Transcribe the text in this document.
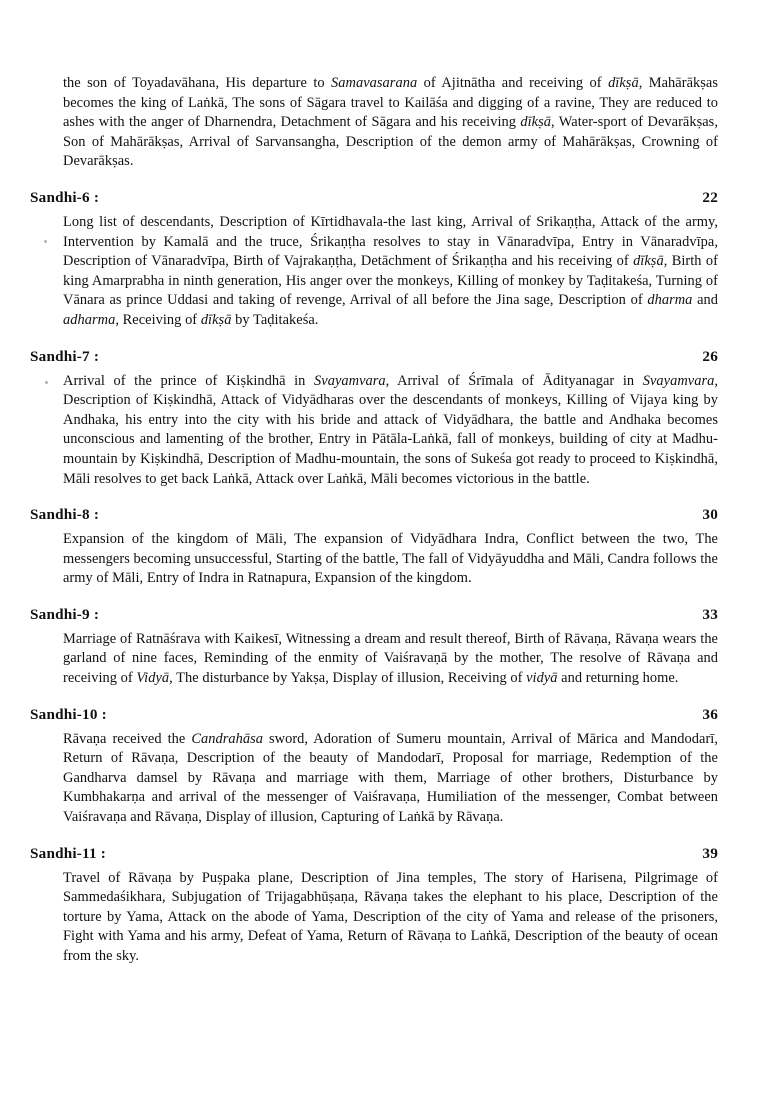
the son of Toyadavāhana, His departure to Samavasarana of Ajitnātha and receiving of dīkṣā, Mahārākṣas becomes the king of Laṅkā, The sons of Sāgara travel to Kailāśa and digging of a ravine, They are reduced to ashes with the anger of Dharnendra, Detachment of Sāgara and his receiving dīkṣā, Water-sport of Devarākṣas, Son of Mahārākṣas, Arrival of Sarvansangha, Description of the demon army of Mahārākṣas, Crowning of Devarākṣas.

Sandhi-6 :	22

Long list of descendants, Description of Kīrtidhavala-the last king, Arrival of Srikaṇṭha, Attack of the army, Intervention by Kamalā and the truce, Śrikaṇṭha resolves to stay in Vānaradvīpa, Entry in Vānaradvīpa, Description of Vānaradvīpa, Birth of Vajrakaṇṭha, Detāchment of Śrikaṇṭha and his receiving of dīkṣā, Birth of king Amarprabha in ninth generation, His anger over the monkeys, Killing of monkey by Taḍitakeśa, Turning of Vānara as prince Uddasi and taking of revenge, Arrival of all before the Jina sage, Description of dharma and adharma, Receiving of dīkṣā by Taḍitakeśa.

Sandhi-7 :	26

Arrival of the prince of Kiṣkindhā in Svayamvara, Arrival of Śrīmala of Ādityanagar in Svayamvara, Description of Kiṣkindhā, Attack of Vidyādharas over the descendants of monkeys, Killing of Vijaya king by Andhaka, his entry into the city with his bride and attack of Vidyādhara, the battle and Andhaka becomes unconscious and lamenting of the brother, Entry in Pātāla-Laṅkā, fall of monkeys, building of city at Madhu-mountain by Kiṣkindhā, Description of Madhu-mountain, the sons of Sukeśa got ready to proceed to Kiṣkindhā, Māli resolves to get back Laṅkā, Attack over Laṅkā, Māli becomes victorious in the battle.

Sandhi-8 :	30

Expansion of the kingdom of Māli, The expansion of Vidyādhara Indra, Conflict between the two, The messengers becoming unsuccessful, Starting of the battle, The fall of Vidyāyuddha and Māli, Candra follows the army of Māli, Entry of Indra in Ratnapura, Expansion of the kingdom.

Sandhi-9 :	33

Marriage of Ratnāśrava with Kaikesī, Witnessing a dream and result thereof, Birth of Rāvaṇa, Rāvaṇa wears the garland of nine faces, Reminding of the enmity of Vaiśravaṇā by the mother, The resolve of Rāvaṇa and receiving of Vidyā, The disturbance by Yakṣa, Display of illusion, Receiving of vidyā and returning home.

Sandhi-10 :	36

Rāvaṇa received the Candrahāsa sword, Adoration of Sumeru mountain, Arrival of Mārica and Mandodarī, Return of Rāvaṇa, Description of the beauty of Mandodarī, Proposal for marriage, Redemption of the Gandharva damsel by Rāvaṇa and marriage with them, Marriage of other brothers, Disturbance by Kumbhakarṇa and arrival of the messenger of Vaiśravaṇa, Humiliation of the messenger, Combat between Vaiśravaṇa and Rāvaṇa, Display of illusion, Capturing of Laṅkā by Rāvaṇa.

Sandhi-11 :	39

Travel of Rāvaṇa by Puṣpaka plane, Description of Jina temples, The story of Harisena, Pilgrimage of Sammedaśikhara, Subjugation of Trijagabhūṣaṇa, Rāvaṇa takes the elephant to his place, Description of the torture by Yama, Attack on the abode of Yama, Description of the city of Yama and release of the prisoners, Fight with Yama and his army, Defeat of Yama, Return of Rāvaṇa to Laṅkā, Description of the beauty of ocean from the sky.
